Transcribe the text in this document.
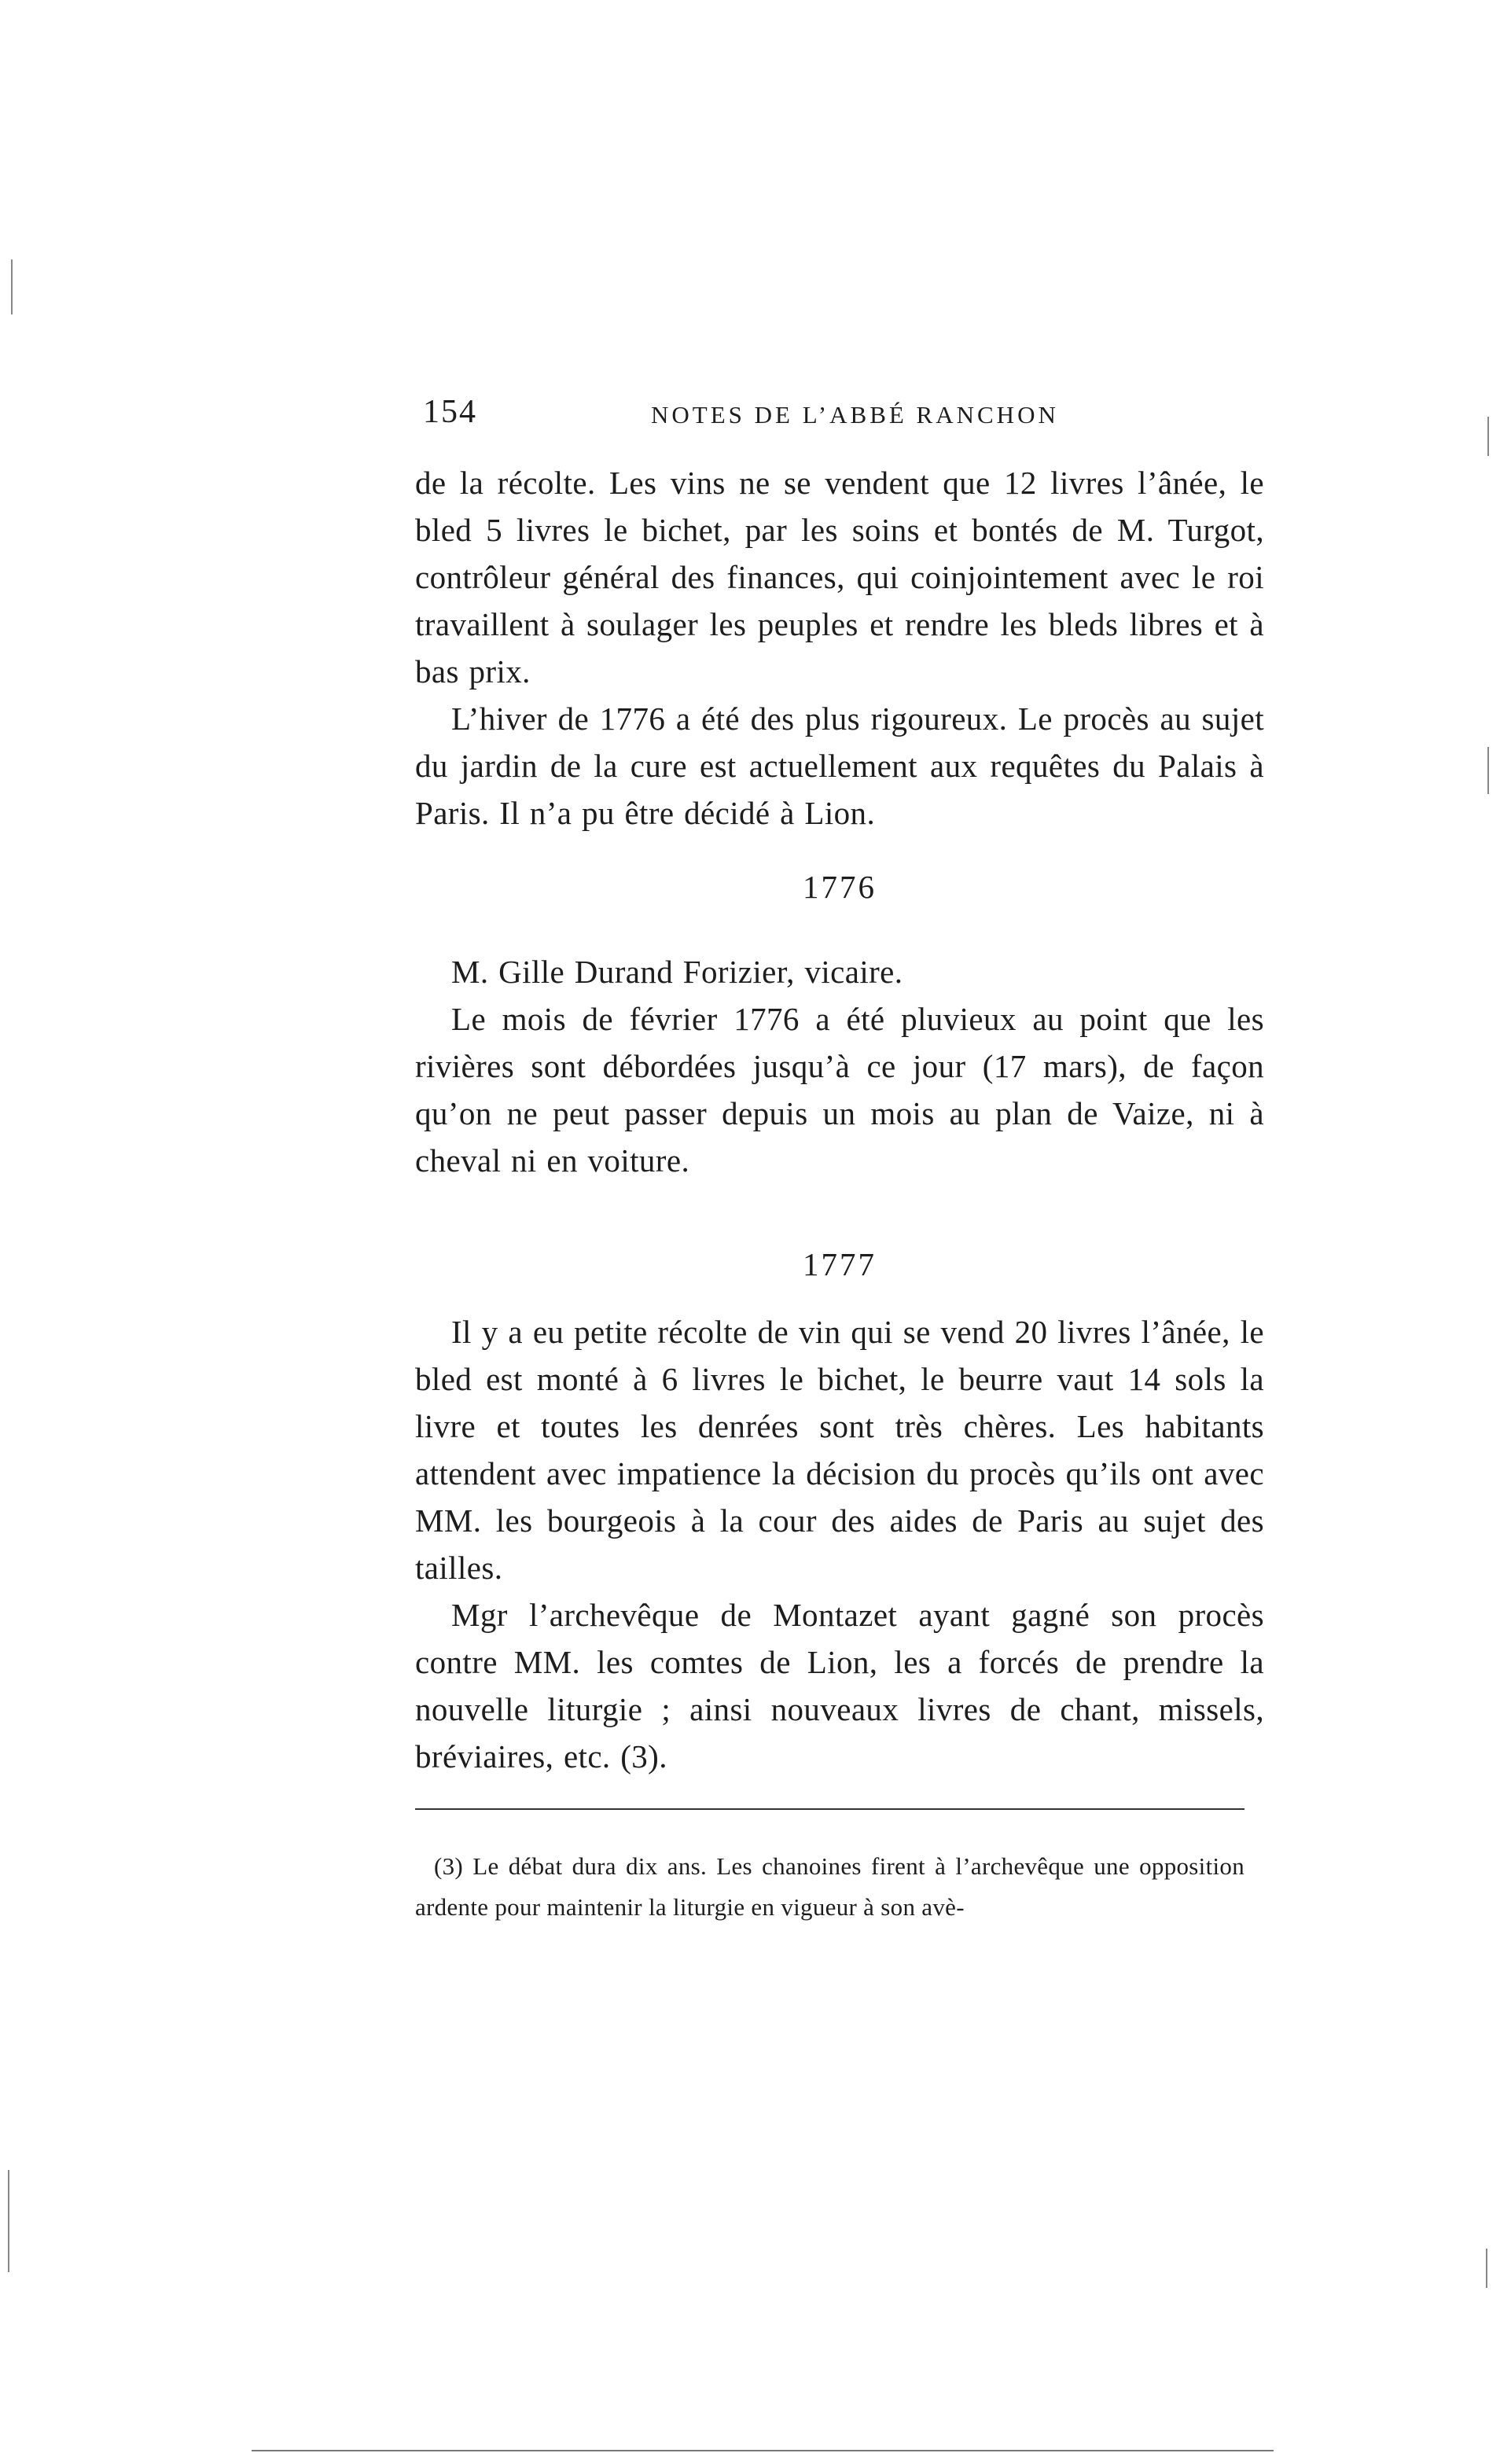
154	NOTES DE L’ABBÉ RANCHON

de la récolte. Les vins ne se vendent que 12 livres l’ânée, le bled 5 livres le bichet, par les soins et bontés de M. Turgot, contrôleur général des finances, qui coinjointement avec le roi travaillent à soulager les peuples et rendre les bleds libres et à bas prix.

L’hiver de 1776 a été des plus rigoureux. Le procès au sujet du jardin de la cure est actuellement aux requêtes du Palais à Paris. Il n’a pu être décidé à Lion.

1776

M. Gille Durand Forizier, vicaire.

Le mois de février 1776 a été pluvieux au point que les rivières sont débordées jusqu’à ce jour (17 mars), de façon qu’on ne peut passer depuis un mois au plan de Vaize, ni à cheval ni en voiture.

1777

Il y a eu petite récolte de vin qui se vend 20 livres l’ânée, le bled est monté à 6 livres le bichet, le beurre vaut 14 sols la livre et toutes les denrées sont très chères. Les habitants attendent avec impatience la décision du procès qu’ils ont avec MM. les bourgeois à la cour des aides de Paris au sujet des tailles.

Mgr l’archevêque de Montazet ayant gagné son procès contre MM. les comtes de Lion, les a forcés de prendre la nouvelle liturgie ; ainsi nouveaux livres de chant, missels, bréviaires, etc. (3).

(3) Le débat dura dix ans. Les chanoines firent à l’archevêque une opposition ardente pour maintenir la liturgie en vigueur à son avè-
